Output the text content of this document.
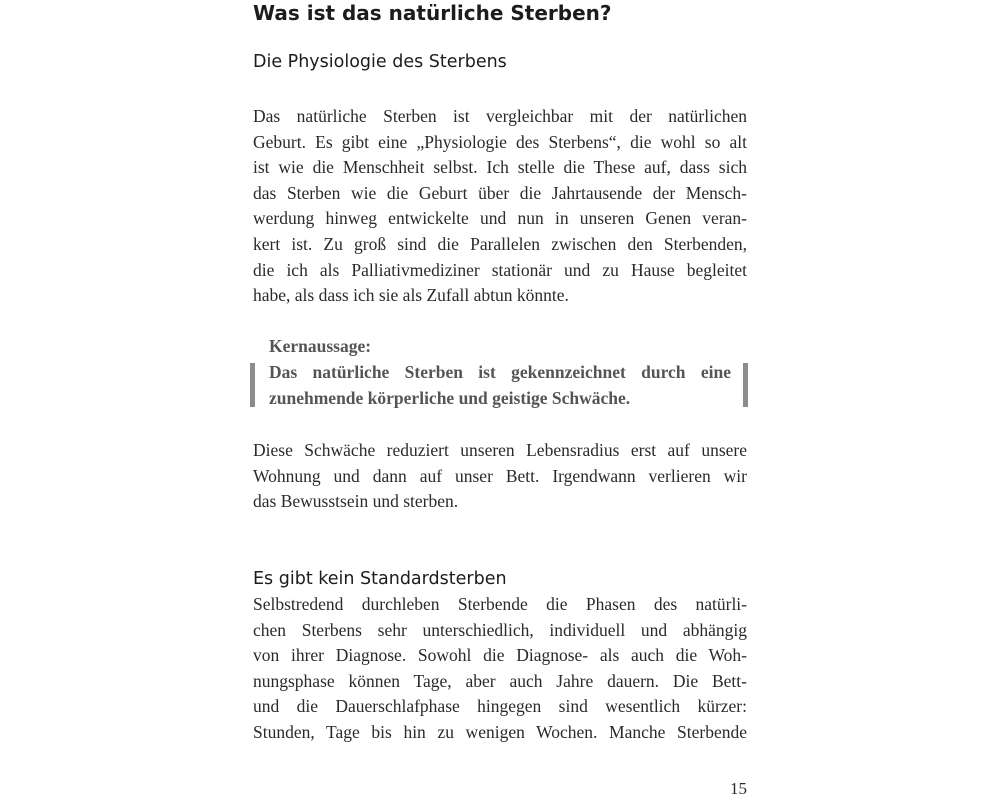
Was ist das natürliche Sterben?
Die Physiologie des Sterbens
Das natürliche Sterben ist vergleichbar mit der natürlichen
Geburt. Es gibt eine „Physiologie des Sterbens“, die wohl so alt
ist wie die Menschheit selbst. Ich stelle die These auf, dass sich
das Sterben wie die Geburt über die Jahrtausende der Mensch-
werdung hinweg entwickelte und nun in unseren Genen veran-
kert ist. Zu groß sind die Parallelen zwischen den Sterbenden,
die ich als Palliativmediziner stationär und zu Hause begleitet
habe, als dass ich sie als Zufall abtun könnte.
Kernaussage:
Das natürliche Sterben ist gekennzeichnet durch eine
zunehmende körperliche und geistige Schwäche.
Diese Schwäche reduziert unseren Lebensradius erst auf unsere
Wohnung und dann auf unser Bett. Irgendwann verlieren wir
das Bewusstsein und sterben.
Es gibt kein Standardsterben
Selbstredend durchleben Sterbende die Phasen des natürli-
chen Sterbens sehr unterschiedlich, individuell und abhängig
von ihrer Diagnose. Sowohl die Diagnose- als auch die Woh-
nungsphase können Tage, aber auch Jahre dauern. Die Bett-
und die Dauerschlafphase hingegen sind wesentlich kürzer:
Stunden, Tage bis hin zu wenigen Wochen. Manche Sterbende
15
